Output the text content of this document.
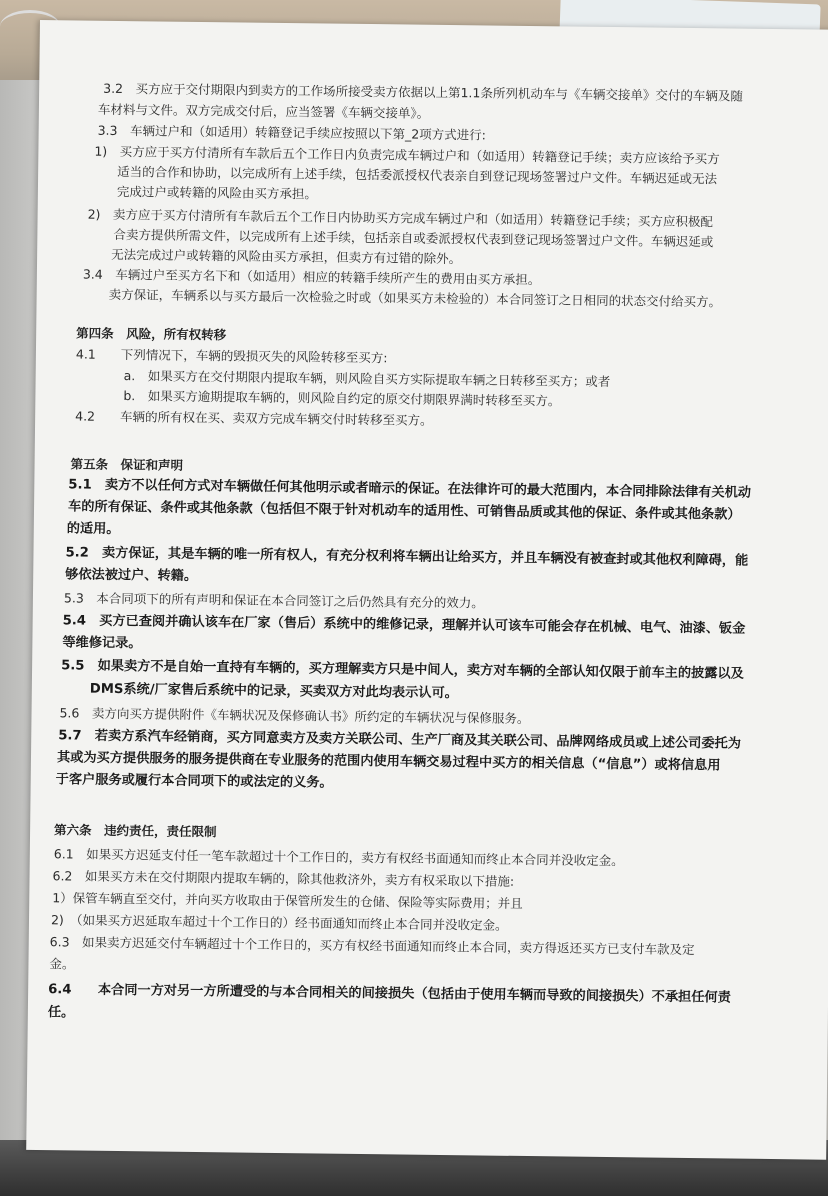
3.2　买方应于交付期限内到卖方的工作场所接受卖方依据以上第1.1条所列机动车与《车辆交接单》交付的车辆及随
车材料与文件。双方完成交付后，应当签署《车辆交接单》。
3.3　车辆过户和（如适用）转籍登记手续应按照以下第_2项方式进行:
1)　买方应于买方付清所有车款后五个工作日内负责完成车辆过户和（如适用）转籍登记手续；卖方应该给予买方
适当的合作和协助，以完成所有上述手续，包括委派授权代表亲自到登记现场签署过户文件。车辆迟延或无法
完成过户或转籍的风险由买方承担。
2)　卖方应于买方付清所有车款后五个工作日内协助买方完成车辆过户和（如适用）转籍登记手续；买方应积极配
合卖方提供所需文件，以完成所有上述手续，包括亲自或委派授权代表到登记现场签署过户文件。车辆迟延或
无法完成过户或转籍的风险由买方承担，但卖方有过错的除外。
3.4　车辆过户至买方名下和（如适用）相应的转籍手续所产生的费用由买方承担。
卖方保证，车辆系以与买方最后一次检验之时或（如果买方未检验的）本合同签订之日相同的状态交付给买方。
第四条　风险，所有权转移
4.1　　下列情况下，车辆的毁损灭失的风险转移至买方:
a.　如果买方在交付期限内提取车辆，则风险自买方实际提取车辆之日转移至买方；或者
b.　如果买方逾期提取车辆的，则风险自约定的原交付期限界满时转移至买方。
4.2　　车辆的所有权在买、卖双方完成车辆交付时转移至买方。
第五条　保证和声明
5.1　卖方不以任何方式对车辆做任何其他明示或者暗示的保证。在法律许可的最大范围内，本合同排除法律有关机动
车的所有保证、条件或其他条款（包括但不限于针对机动车的适用性、可销售品质或其他的保证、条件或其他条款）
的适用。
5.2　卖方保证，其是车辆的唯一所有权人，有充分权利将车辆出让给买方，并且车辆没有被查封或其他权利障碍，能
够依法被过户、转籍。
5.3　本合同项下的所有声明和保证在本合同签订之后仍然具有充分的效力。
5.4　买方已查阅并确认该车在厂家（售后）系统中的维修记录，理解并认可该车可能会存在机械、电气、油漆、钣金
等维修记录。
5.5　如果卖方不是自始一直持有车辆的，买方理解卖方只是中间人，卖方对车辆的全部认知仅限于前车主的披露以及
DMS系统/厂家售后系统中的记录，买卖双方对此均表示认可。
5.6　卖方向买方提供附件《车辆状况及保修确认书》所约定的车辆状况与保修服务。
5.7　若卖方系汽车经销商，买方同意卖方及卖方关联公司、生产厂商及其关联公司、品牌网络成员或上述公司委托为
其或为买方提供服务的服务提供商在专业服务的范围内使用车辆交易过程中买方的相关信息（“信息”）或将信息用
于客户服务或履行本合同项下的或法定的义务。
第六条　违约责任，责任限制
6.1　如果买方迟延支付任一笔车款超过十个工作日的，卖方有权经书面通知而终止本合同并没收定金。
6.2　如果买方未在交付期限内提取车辆的，除其他救济外，卖方有权采取以下措施:
1）保管车辆直至交付，并向买方收取由于保管所发生的仓储、保险等实际费用；并且
2)　（如果买方迟延取车超过十个工作日的）经书面通知而终止本合同并没收定金。
6.3　如果卖方迟延交付车辆超过十个工作日的，买方有权经书面通知而终止本合同，卖方得返还买方已支付车款及定
金。
6.4　　本合同一方对另一方所遭受的与本合同相关的间接损失（包括由于使用车辆而导致的间接损失）不承担任何责
任。
